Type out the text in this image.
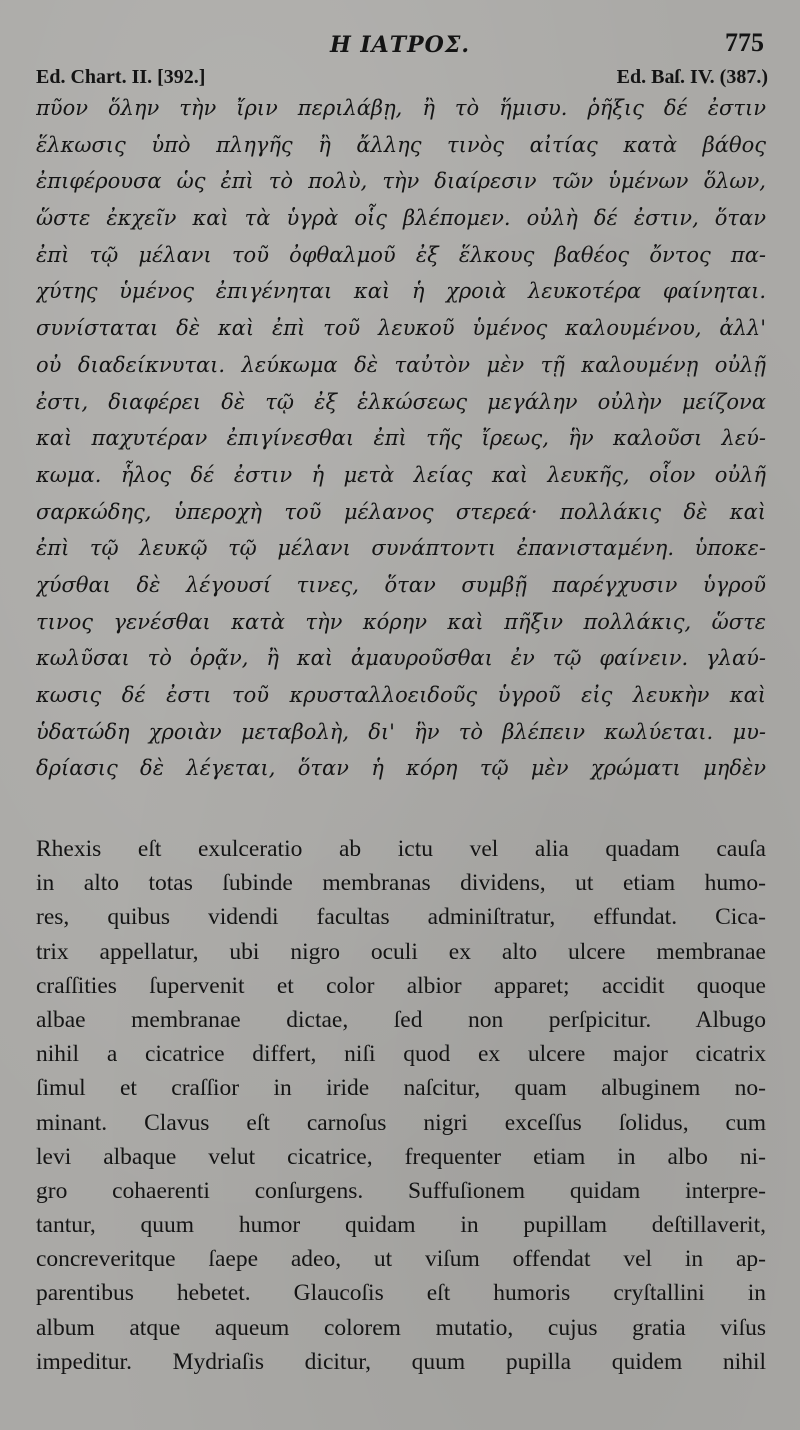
Η ΙΑΤΡΟΣ.	775
Ed. Chart. II. [392.]	Ed. Baſ. IV. (387.)
πῦον ὅλην τὴν ἴριν περιλάβῃ, ἢ τὸ ἥμισυ. ῥῆξις δέ ἐστιν
ἕλκωσις ὑπὸ πληγῆς ἢ ἄλλης τινὸς αἰτίας κατὰ βάθος
ἐπιφέρουσα ὡς ἐπὶ τὸ πολὺ, τὴν διαίρεσιν τῶν ὑμένων ὅλων,
ὥστε ἐκχεῖν καὶ τὰ ὑγρὰ οἷς βλέπομεν. οὐλὴ δέ ἐστιν, ὅταν
ἐπὶ τῷ μέλανι τοῦ ὀφθαλμοῦ ἐξ ἕλκους βαθέος ὄντος πα-
χύτης ὑμένος ἐπιγένηται καὶ ἡ χροιὰ λευκοτέρα φαίνηται.
συνίσταται δὲ καὶ ἐπὶ τοῦ λευκοῦ ὑμένος καλουμένου, ἀλλ'
οὐ διαδείκνυται. λεύκωμα δὲ ταὐτὸν μὲν τῇ καλουμένῃ οὐλῇ
ἐστι, διαφέρει δὲ τῷ ἐξ ἑλκώσεως μεγάλην οὐλὴν μείζονα
καὶ παχυτέραν ἐπιγίνεσθαι ἐπὶ τῆς ἴρεως, ἣν καλοῦσι λεύ-
κωμα. ἧλος δέ ἐστιν ἡ μετὰ λείας καὶ λευκῆς, οἷον οὐλῆ
σαρκώδης, ὑπεροχὴ τοῦ μέλανος στερεά· πολλάκις δὲ καὶ
ἐπὶ τῷ λευκῷ τῷ μέλανι συνάπτοντι ἐπανισταμένη. ὑποκε-
χύσθαι δὲ λέγουσί τινες, ὅταν συμβῇ παρέγχυσιν ὑγροῦ
τινος γενέσθαι κατὰ τὴν κόρην καὶ πῆξιν πολλάκις, ὥστε
κωλῦσαι τὸ ὁρᾷν, ἢ καὶ ἀμαυροῦσθαι ἐν τῷ φαίνειν. γλαύ-
κωσις δέ ἐστι τοῦ κρυσταλλοειδοῦς ὑγροῦ εἰς λευκὴν καὶ
ὑδατώδη χροιὰν μεταβολὴ, δι' ἣν τὸ βλέπειν κωλύεται. μυ-
δρίασις δὲ λέγεται, ὅταν ἡ κόρη τῷ μὲν χρώματι μηδὲν
Rhexis eſt exulceratio ab ictu vel alia quadam cauſa
in alto totas ſubinde membranas dividens, ut etiam humo-
res, quibus videndi facultas adminiſtratur, effundat. Cica-
trix appellatur, ubi nigro oculi ex alto ulcere membranae
craſſities ſupervenit et color albior apparet; accidit quoque
albae membranae dictae, ſed non perſpicitur. Albugo
nihil a cicatrice differt, niſi quod ex ulcere major cicatrix
ſimul et craſſior in iride naſcitur, quam albuginem no-
minant. Clavus eſt carnoſus nigri exceſſus ſolidus, cum
levi albaque velut cicatrice, frequenter etiam in albo ni-
gro cohaerenti conſurgens. Suffuſionem quidam interpre-
tantur, quum humor quidam in pupillam deſtillaverit,
concreveritque ſaepe adeo, ut viſum offendat vel in ap-
parentibus hebetet. Glaucoſis eſt humoris cryſtallini in
album atque aqueum colorem mutatio, cujus gratia viſus
impeditur. Mydriaſis dicitur, quum pupilla quidem nihil
